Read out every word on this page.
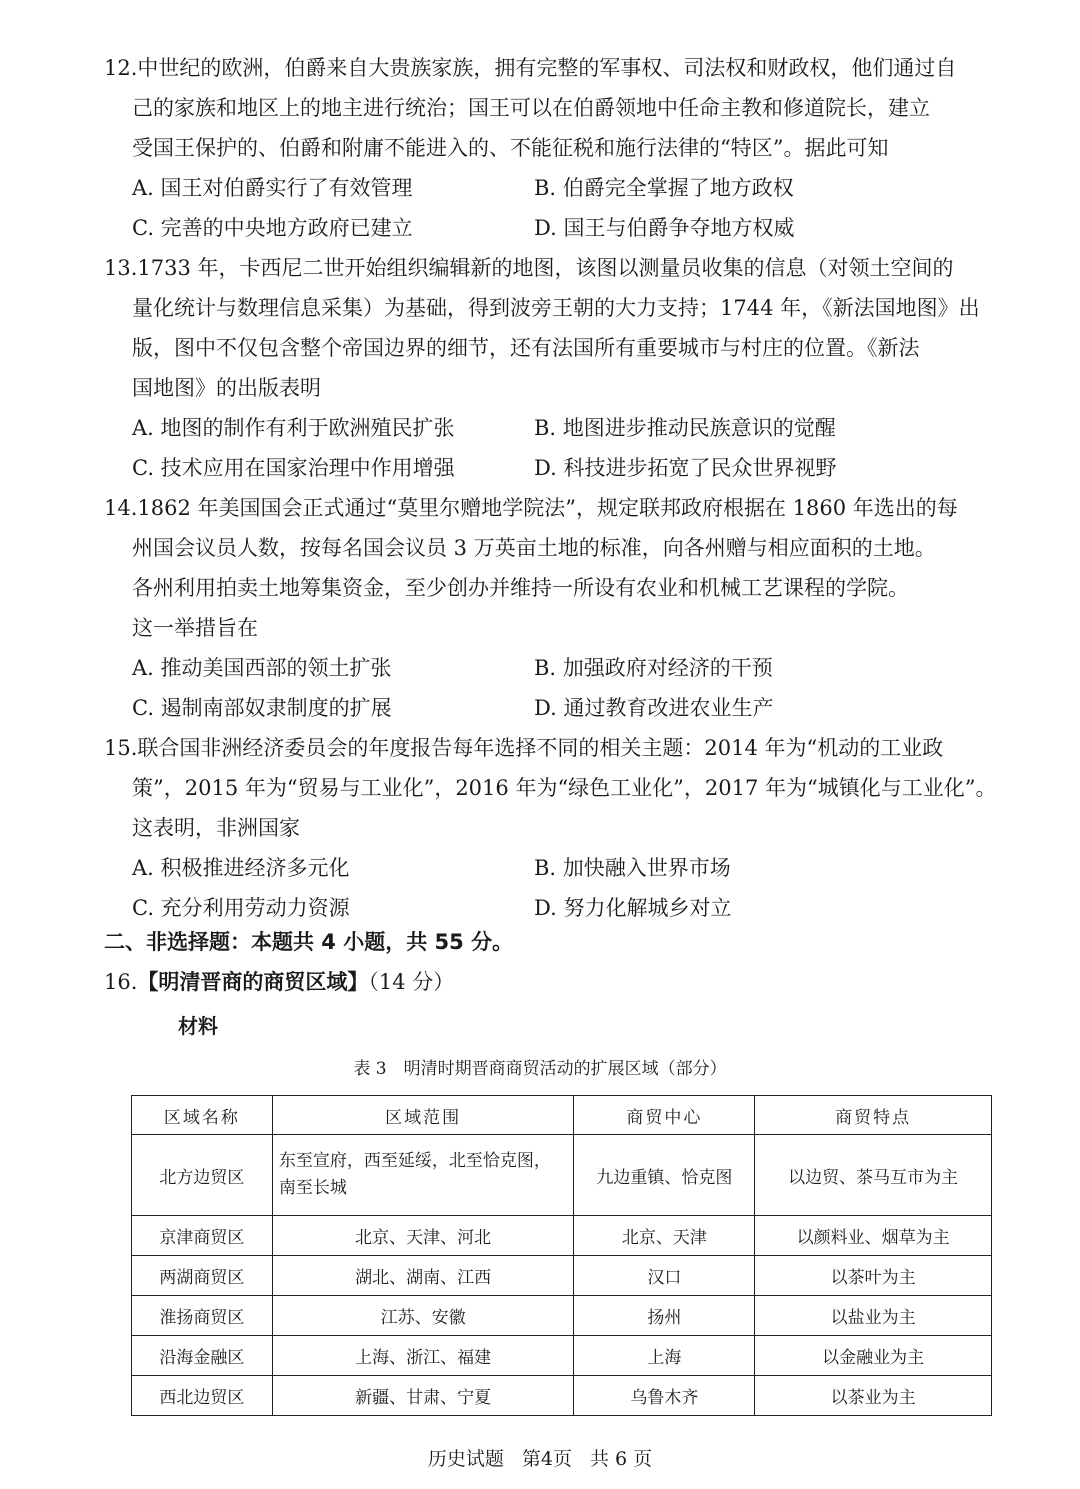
12.中世纪的欧洲，伯爵来自大贵族家族，拥有完整的军事权、司法权和财政权，他们通过自
己的家族和地区上的地主进行统治；国王可以在伯爵领地中任命主教和修道院长，建立
受国王保护的、伯爵和附庸不能进入的、不能征税和施行法律的“特区”。据此可知
A. 国王对伯爵实行了有效管理	B. 伯爵完全掌握了地方政权
C. 完善的中央地方政府已建立	D. 国王与伯爵争夺地方权威
13.1733 年，卡西尼二世开始组织编辑新的地图，该图以测量员收集的信息（对领土空间的
量化统计与数理信息采集）为基础，得到波旁王朝的大力支持；1744 年，《新法国地图》出
版，图中不仅包含整个帝国边界的细节，还有法国所有重要城市与村庄的位置。《新法
国地图》的出版表明
A. 地图的制作有利于欧洲殖民扩张	B. 地图进步推动民族意识的觉醒
C. 技术应用在国家治理中作用增强	D. 科技进步拓宽了民众世界视野
14.1862 年美国国会正式通过“莫里尔赠地学院法”，规定联邦政府根据在 1860 年选出的每
州国会议员人数，按每名国会议员 3 万英亩土地的标准，向各州赠与相应面积的土地。
各州利用拍卖土地筹集资金，至少创办并维持一所设有农业和机械工艺课程的学院。
这一举措旨在
A. 推动美国西部的领土扩张	B. 加强政府对经济的干预
C. 遏制南部奴隶制度的扩展	D. 通过教育改进农业生产
15.联合国非洲经济委员会的年度报告每年选择不同的相关主题：2014 年为“机动的工业政
策”，2015 年为“贸易与工业化”，2016 年为“绿色工业化”，2017 年为“城镇化与工业化”。
这表明，非洲国家
A. 积极推进经济多元化	B. 加快融入世界市场
C. 充分利用劳动力资源	D. 努力化解城乡对立
二、非选择题：本题共 4 小题，共 55 分。
16.【明清晋商的商贸区域】（14 分）
材料
表 3　明清时期晋商商贸活动的扩展区域（部分）
区域名称	区域范围	商贸中心	商贸特点
北方边贸区	东至宣府，西至延绥，北至恰克图，南至长城	九边重镇、恰克图	以边贸、茶马互市为主
京津商贸区	北京、天津、河北	北京、天津	以颜料业、烟草为主
两湖商贸区	湖北、湖南、江西	汉口	以茶叶为主
淮扬商贸区	江苏、安徽	扬州	以盐业为主
沿海金融区	上海、浙江、福建	上海	以金融业为主
西北边贸区	新疆、甘肃、宁夏	乌鲁木齐	以茶业为主
历史试题 第4页 共 6 页
